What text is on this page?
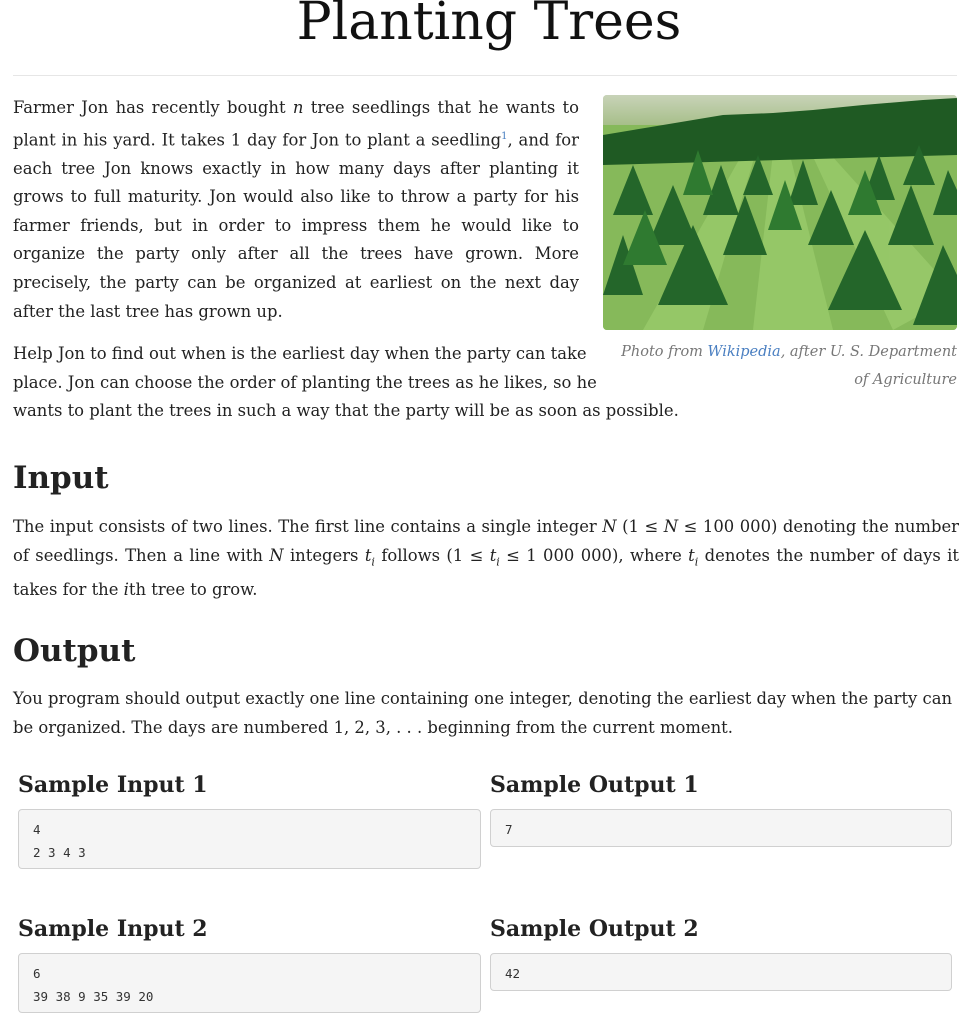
Planting Trees

Farmer Jon has recently bought n tree seedlings that he wants to plant in his yard. It takes 1 day for Jon to plant a seedling$^1$, and for each tree Jon knows exactly in how many days after planting it grows to full maturity. Jon would also like to throw a party for his farmer friends, but in order to impress them he would like to organize the party only after all the trees have grown. More precisely, the party can be organized at earliest on the next day after the last tree has grown up.

Photo from Wikipedia, after U. S. Department of Agriculture
Help Jon to find out when is the earliest day when the party can take
place. Jon can choose the order of planting the trees as he likes, so he
wants to plant the trees in such a way that the party will be as soon as possible.
Input

The input consists of two lines. The first line contains a single integer N (1 ≤ N ≤ 100 000) denoting the number of seedlings. Then a line with N integers $t_i$ follows ($1 \le t_i \le 1$ 000 000), where $t_i$ denotes the number of days it takes for the ith tree to grow.

Output

You program should output exactly one line containing one integer, denoting the earliest day when the party can be organized. The days are numbered 1, 2, 3, . . . beginning from the current moment.

Sample Input 1
4
2 3 4 3
Sample Output 1
7
Sample Input 2
6
39 38 9 35 39 20
Sample Output 2
42
